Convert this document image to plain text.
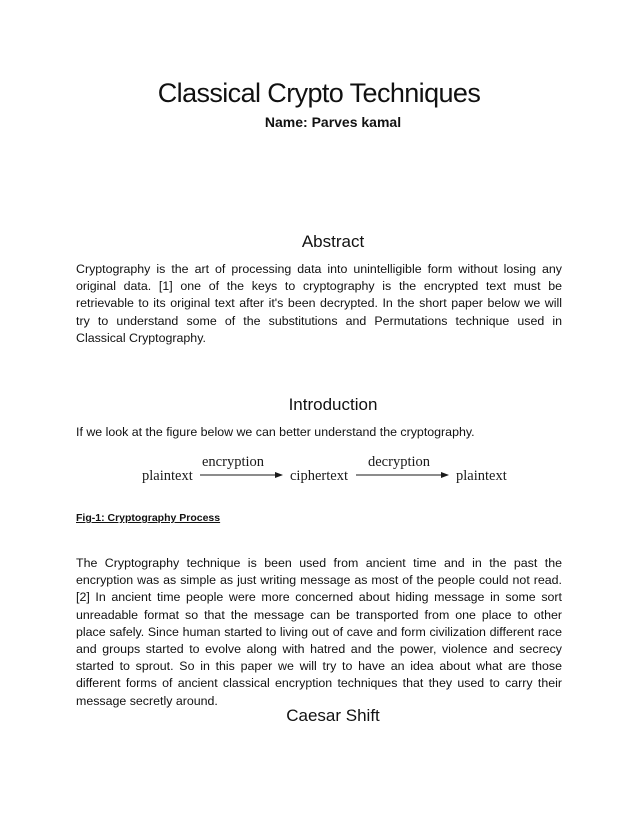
Classical Crypto Techniques
Name: Parves kamal
Abstract

Cryptography is the art of processing data into unintelligible form without losing any original data. [1] one of the keys to cryptography is the encrypted text must be retrievable to its original text after it's been decrypted. In the short paper below we will try to understand some of the substitutions and Permutations technique used in Classical Cryptography.

Introduction

If we look at the figure below we can better understand the cryptography.

plaintext
encryption
ciphertext
decryption
plaintext
Fig-1: Cryptography Process

The Cryptography technique is been used from ancient time and in the past the encryption was as simple as just writing message as most of the people could not read. [2] In ancient time people were more concerned about hiding message in some sort unreadable format so that the message can be transported from one place to other place safely. Since human started to living out of cave and form civilization different race and groups started to evolve along with hatred and the power, violence and secrecy started to sprout. So in this paper we will try to have an idea about what are those different forms of ancient classical encryption techniques that they used to carry their message secretly around.

Caesar Shift
